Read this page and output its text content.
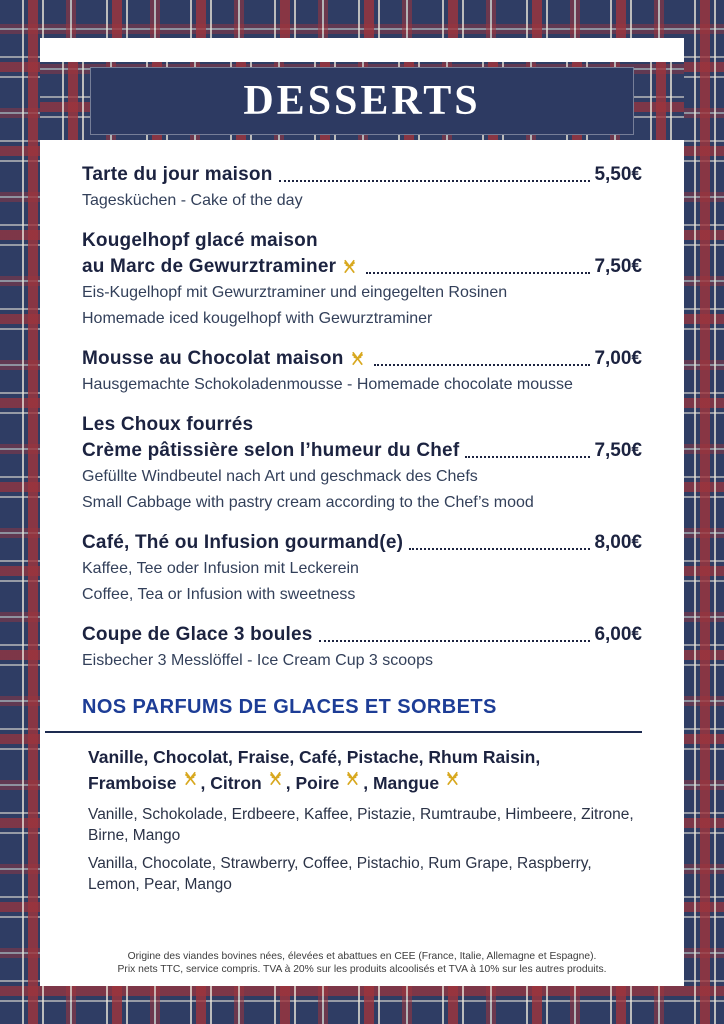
DESSERTS
Tarte du jour maison	5,50€

Tagesküchen - Cake of the day

Kougelhopf glacé maison
au Marc de Gewurztraminer	7,50€

Eis-Kugelhopf mit Gewurztraminer und eingegelten Rosinen

Homemade iced kougelhopf with Gewurztraminer

Mousse au Chocolat maison	7,00€

Hausgemachte Schokoladenmousse - Homemade chocolate mousse

Les Choux fourrés
Crème pâtissière selon l’humeur du Chef	7,50€

Gefüllte Windbeutel nach Art und geschmack des Chefs

Small Cabbage with pastry cream according to the Chef’s mood

Café, Thé ou Infusion gourmand(e)	8,00€

Kaffee, Tee oder Infusion mit Leckerein

Coffee, Tea or Infusion with sweetness

Coupe de Glace 3 boules	6,00€

Eisbecher 3 Messlöffel - Ice Cream Cup 3 scoops

NOS PARFUMS DE GLACES ET SORBETS

Vanille, Chocolat, Fraise, Café, Pistache, Rhum Raisin,

Framboise , Citron , Poire , Mangue

Vanille, Schokolade, Erdbeere, Kaffee, Pistazie, Rumtraube, Himbeere, Zitrone, Birne, Mango

Vanilla, Chocolate, Strawberry, Coffee, Pistachio, Rum Grape, Raspberry, Lemon, Pear, Mango

Origine des viandes bovines nées, élevées et abattues en CEE (France, Italie, Allemagne et Espagne).
Prix nets TTC, service compris. TVA à 20% sur les produits alcoolisés et TVA à 10% sur les autres produits.
